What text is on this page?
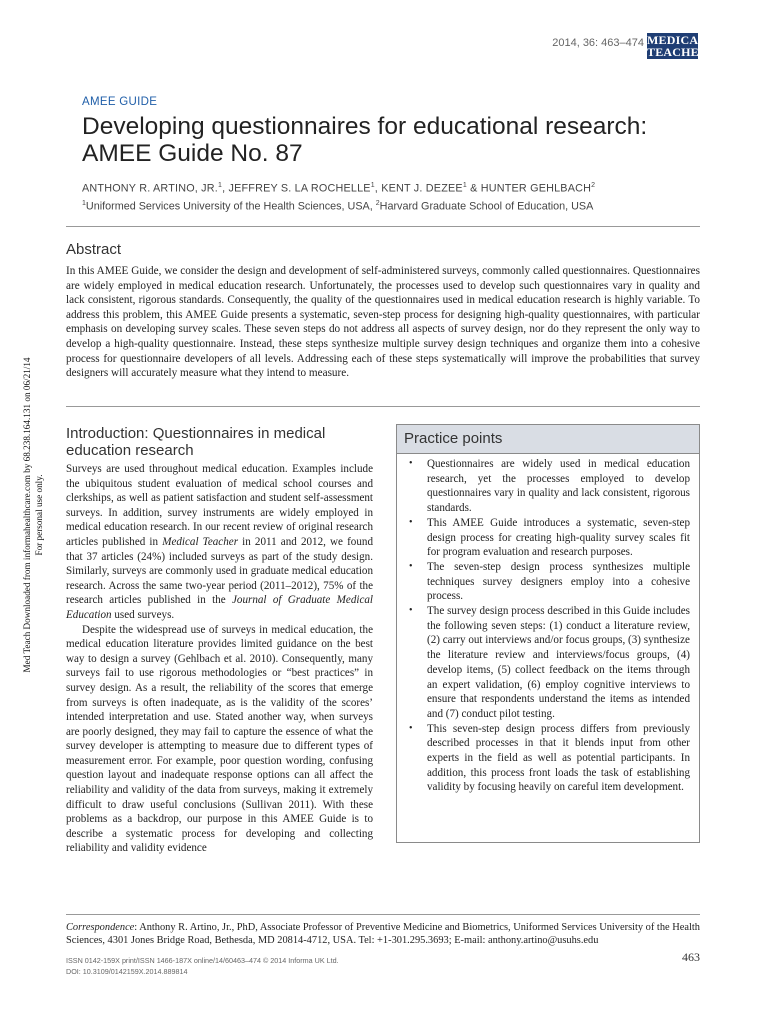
Med Teach Downloaded from informahealthcare.com by 68.238.164.131 on 06/21/14 For personal use only.
2014, 36: 463–474 MEDICAL
TEACHER
AMEE GUIDE
Developing questionnaires for educational research: AMEE Guide No. 87
ANTHONY R. ARTINO, JR.$^1$, JEFFREY S. LA ROCHELLE$^1$, KENT J. DEZEE$^1$ & HUNTER GEHLBACH$^2$
$^1$Uniformed Services University of the Health Sciences, USA, $^2$Harvard Graduate School of Education, USA
Abstract
In this AMEE Guide, we consider the design and development of self-administered surveys, commonly called questionnaires. Questionnaires are widely employed in medical education research. Unfortunately, the processes used to develop such questionnaires vary in quality and lack consistent, rigorous standards. Consequently, the quality of the questionnaires used in medical education research is highly variable. To address this problem, this AMEE Guide presents a systematic, seven-step process for designing high-quality questionnaires, with particular emphasis on developing survey scales. These seven steps do not address all aspects of survey design, nor do they represent the only way to develop a high-quality questionnaire. Instead, these steps synthesize multiple survey design techniques and organize them into a cohesive process for questionnaire developers of all levels. Addressing each of these steps systematically will improve the probabilities that survey designers will accurately measure what they intend to measure.
Introduction: Questionnaires in medical education research

Surveys are used throughout medical education. Examples include the ubiquitous student evaluation of medical school courses and clerkships, as well as patient satisfaction and student self-assessment surveys. In addition, survey instruments are widely employed in medical education research. In our recent review of original research articles published in Medical Teacher in 2011 and 2012, we found that 37 articles (24%) included surveys as part of the study design. Similarly, surveys are commonly used in graduate medical education research. Across the same two-year period (2011–2012), 75% of the research articles published in the Journal of Graduate Medical Education used surveys.

Despite the widespread use of surveys in medical education, the medical education literature provides limited guidance on the best way to design a survey (Gehlbach et al. 2010). Consequently, many surveys fail to use rigorous methodologies or “best practices” in survey design. As a result, the reliability of the scores that emerge from surveys is often inadequate, as is the validity of the scores’ intended interpretation and use. Stated another way, when surveys are poorly designed, they may fail to capture the essence of what the survey developer is attempting to measure due to different types of measurement error. For example, poor question wording, confusing question layout and inadequate response options can all affect the reliability and validity of the data from surveys, making it extremely difficult to draw useful conclusions (Sullivan 2011). With these problems as a backdrop, our purpose in this AMEE Guide is to describe a systematic process for developing and collecting reliability and validity evidence

Practice points
• Questionnaires are widely used in medical education research, yet the processes employed to develop questionnaires vary in quality and lack consistent, rigorous standards.
• This AMEE Guide introduces a systematic, seven-step design process for creating high-quality survey scales fit for program evaluation and research purposes.
• The seven-step design process synthesizes multiple techniques survey designers employ into a cohesive process.
• The survey design process described in this Guide includes the following seven steps: (1) conduct a literature review, (2) carry out interviews and/or focus groups, (3) synthesize the literature review and interviews/focus groups, (4) develop items, (5) collect feedback on the items through an expert validation, (6) employ cognitive interviews to ensure that respondents understand the items as intended and (7) conduct pilot testing.
• This seven-step design process differs from previously described processes in that it blends input from other experts in the field as well as potential participants. In addition, this process front loads the task of establishing validity by focusing heavily on careful item development.
Correspondence: Anthony R. Artino, Jr., PhD, Associate Professor of Preventive Medicine and Biometrics, Uniformed Services University of the Health Sciences, 4301 Jones Bridge Road, Bethesda, MD 20814-4712, USA. Tel: +1-301.295.3693; E-mail: anthony.artino@usuhs.edu
ISSN 0142-159X print/ISSN 1466-187X online/14/60463–474 © 2014 Informa UK Ltd.
DOI: 10.3109/0142159X.2014.889814
463
